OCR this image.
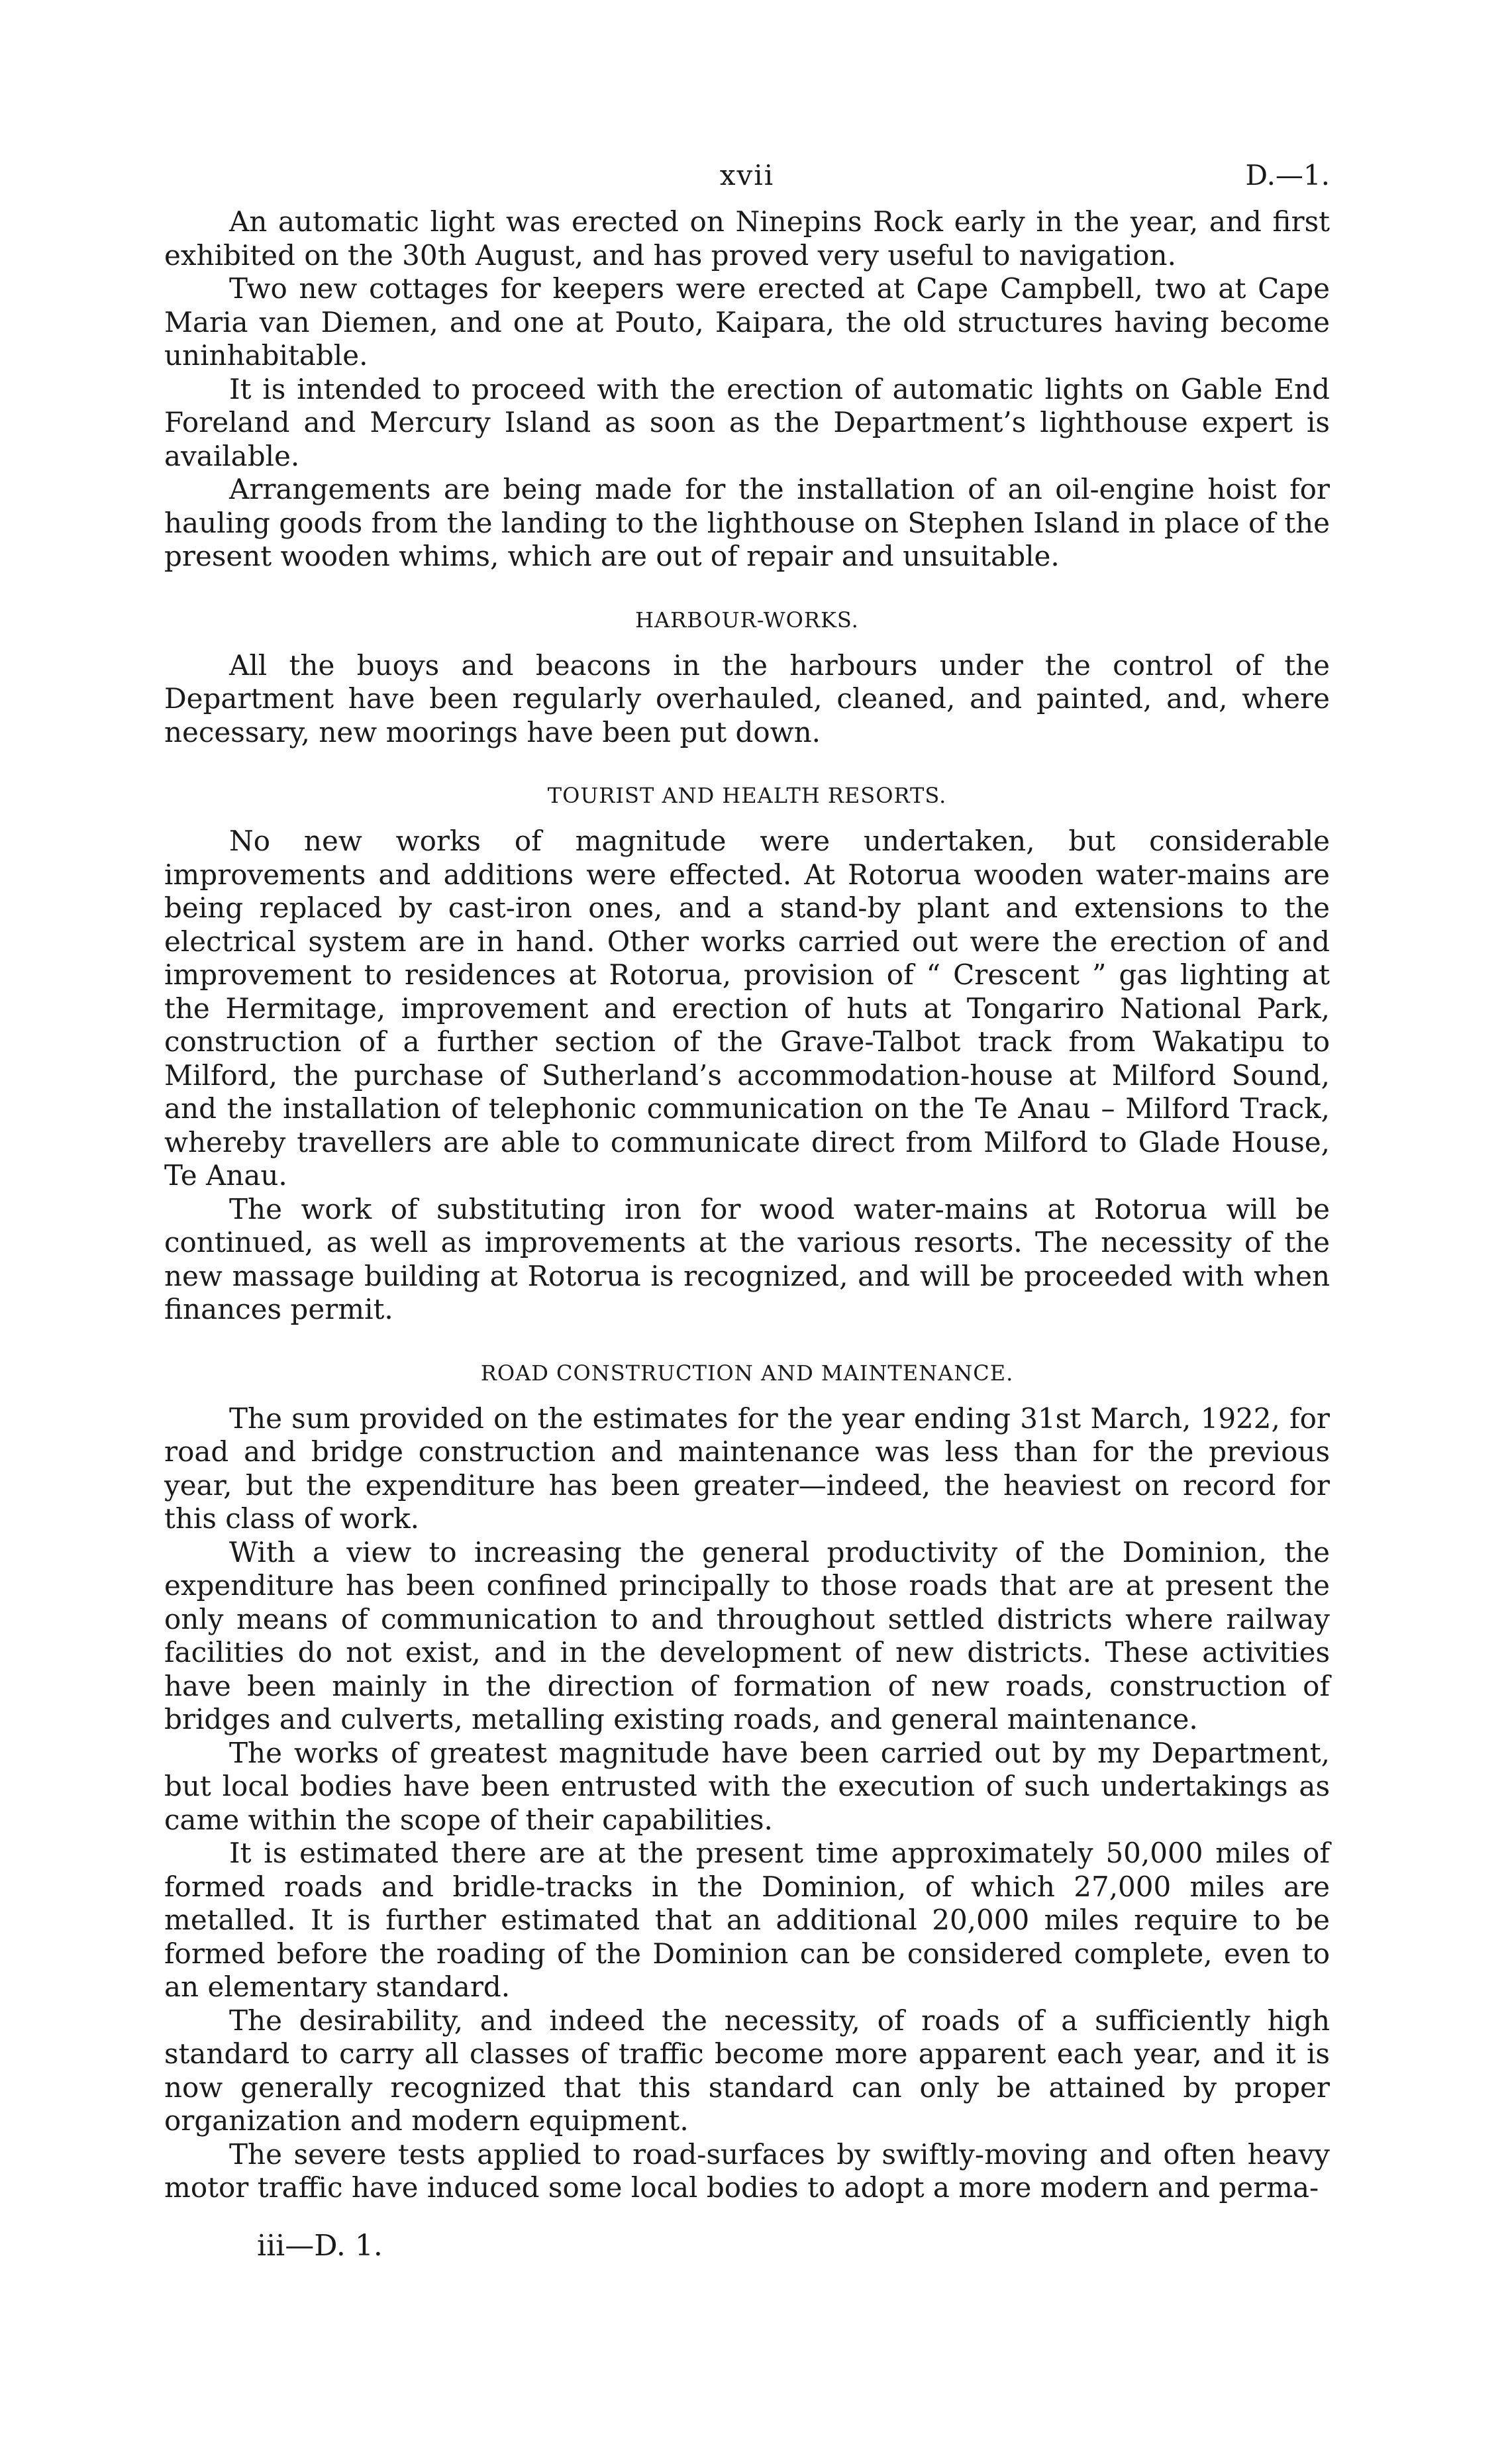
xvii	D.—1.

An automatic light was erected on Ninepins Rock early in the year, and first exhibited on the 30th August, and has proved very useful to navigation.

Two new cottages for keepers were erected at Cape Campbell, two at Cape Maria van Diemen, and one at Pouto, Kaipara, the old structures having become uninhabitable.

It is intended to proceed with the erection of automatic lights on Gable End Foreland and Mercury Island as soon as the Department’s lighthouse expert is available.

Arrangements are being made for the installation of an oil-engine hoist for hauling goods from the landing to the lighthouse on Stephen Island in place of the present wooden whims, which are out of repair and unsuitable.

HARBOUR-WORKS.

All the buoys and beacons in the harbours under the control of the Department have been regularly overhauled, cleaned, and painted, and, where necessary, new moorings have been put down.

TOURIST AND HEALTH RESORTS.

No new works of magnitude were undertaken, but considerable improvements and additions were effected. At Rotorua wooden water-mains are being replaced by cast-iron ones, and a stand-by plant and extensions to the electrical system are in hand. Other works carried out were the erection of and improvement to residences at Rotorua, provision of “ Crescent ” gas lighting at the Hermitage, improvement and erection of huts at Tongariro National Park, construction of a further section of the Grave-Talbot track from Wakatipu to Milford, the purchase of Sutherland’s accommodation-house at Milford Sound, and the installation of telephonic communication on the Te Anau – Milford Track, whereby travellers are able to communicate direct from Milford to Glade House, Te Anau.

The work of substituting iron for wood water-mains at Rotorua will be continued, as well as improvements at the various resorts. The necessity of the new massage building at Rotorua is recognized, and will be proceeded with when finances permit.

ROAD CONSTRUCTION AND MAINTENANCE.

The sum provided on the estimates for the year ending 31st March, 1922, for road and bridge construction and maintenance was less than for the previous year, but the expenditure has been greater—indeed, the heaviest on record for this class of work.

With a view to increasing the general productivity of the Dominion, the expenditure has been confined principally to those roads that are at present the only means of communication to and throughout settled districts where railway facilities do not exist, and in the development of new districts. These activities have been mainly in the direction of formation of new roads, construction of bridges and culverts, metalling existing roads, and general maintenance.

The works of greatest magnitude have been carried out by my Department, but local bodies have been entrusted with the execution of such undertakings as came within the scope of their capabilities.

It is estimated there are at the present time approximately 50,000 miles of formed roads and bridle-tracks in the Dominion, of which 27,000 miles are metalled. It is further estimated that an additional 20,000 miles require to be formed before the roading of the Dominion can be considered complete, even to an elementary standard.

The desirability, and indeed the necessity, of roads of a sufficiently high standard to carry all classes of traffic become more apparent each year, and it is now generally recognized that this standard can only be attained by proper organization and modern equipment.

The severe tests applied to road-surfaces by swiftly-moving and often heavy motor traffic have induced some local bodies to adopt a more modern and perma-

iii—D. 1.
